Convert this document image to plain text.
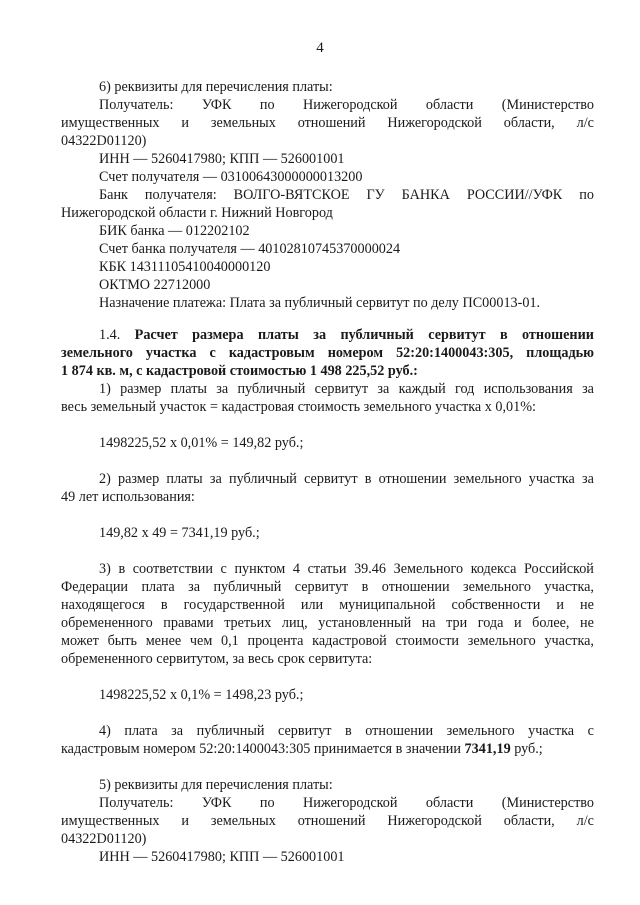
4
6) реквизиты для перечисления платы:
Получатель: УФК по Нижегородской области (Министерство
имущественных и земельных отношений Нижегородской области, л/с
04322D01120)
ИНН — 5260417980; КПП — 526001001
Счет получателя — 03100643000000013200
Банк получателя: ВОЛГО-ВЯТСКОЕ ГУ БАНКА РОССИИ//УФК по
Нижегородской области г. Нижний Новгород
БИК банка — 012202102
Счет банка получателя — 40102810745370000024
КБК 14311105410040000120
ОКТМО 22712000
Назначение платежа: Плата за публичный сервитут по делу ПС00013-01.
1.4. Расчет размера платы за публичный сервитут в отношении
земельного участка с кадастровым номером 52:20:1400043:305, площадью
1 874 кв. м, с кадастровой стоимостью 1 498 225,52 руб.:
1) размер платы за публичный сервитут за каждый год использования за
весь земельный участок = кадастровая стоимость земельного участка х 0,01%:
1498225,52 х 0,01% = 149,82 руб.;
2) размер платы за публичный сервитут в отношении земельного участка за
49 лет использования:
149,82 х 49 = 7341,19 руб.;
3) в соответствии с пунктом 4 статьи 39.46 Земельного кодекса Российской
Федерации плата за публичный сервитут в отношении земельного участка,
находящегося в государственной или муниципальной собственности и не
обремененного правами третьих лиц, установленный на три года и более, не
может быть менее чем 0,1 процента кадастровой стоимости земельного участка,
обремененного сервитутом, за весь срок сервитута:
1498225,52 х 0,1% = 1498,23 руб.;
4) плата за публичный сервитут в отношении земельного участка с
кадастровым номером 52:20:1400043:305 принимается в значении 7341,19 руб.;
5) реквизиты для перечисления платы:
Получатель: УФК по Нижегородской области (Министерство
имущественных и земельных отношений Нижегородской области, л/с
04322D01120)
ИНН — 5260417980; КПП — 526001001
